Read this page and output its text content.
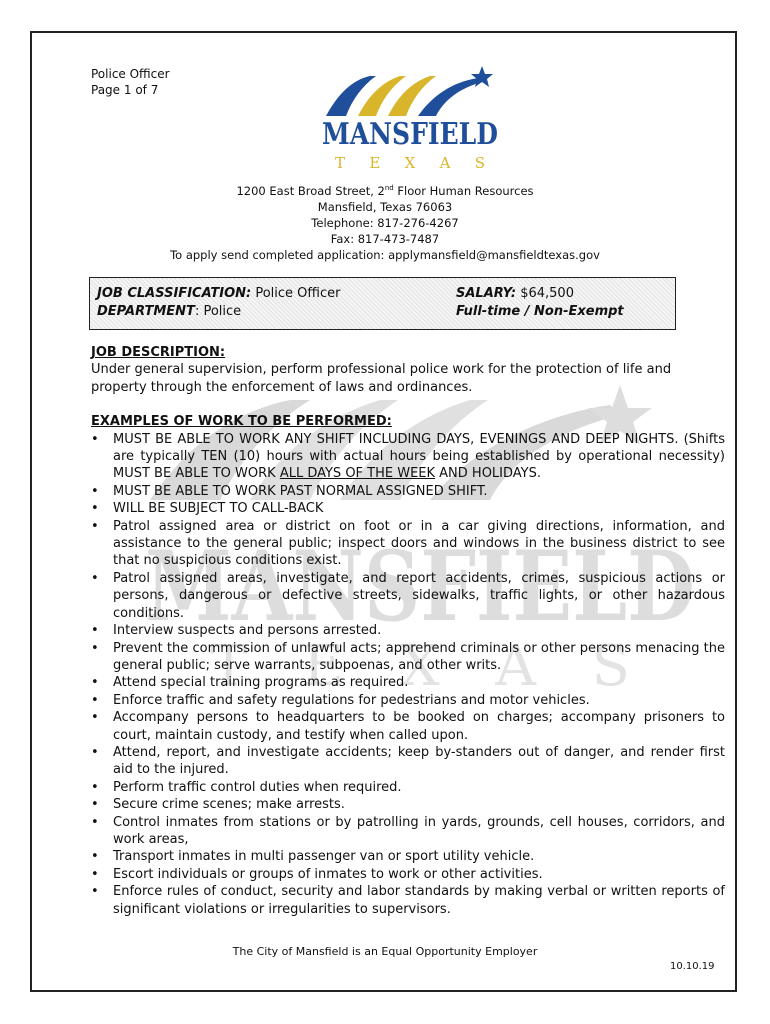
Police Officer
Page 1 of 7
MANSFIELD
T E X A S
1200 East Broad Street, 2nd Floor Human Resources
Mansfield, Texas 76063
Telephone: 817-276-4267
Fax: 817-473-7487
To apply send completed application: applymansfield@mansfieldtexas.gov
JOB CLASSIFICATION: Police Officer
DEPARTMENT: Police
SALARY: $64,500
Full-time / Non-Exempt
MANSFIELD
T E X A S

JOB DESCRIPTION:

Under general supervision, perform professional police work for the protection of life and property through the enforcement of laws and ordinances.

EXAMPLES OF WORK TO BE PERFORMED:

• MUST BE ABLE TO WORK ANY SHIFT INCLUDING DAYS, EVENINGS AND DEEP NIGHTS. (Shifts are typically TEN (10) hours with actual hours being established by operational necessity) MUST BE ABLE TO WORK ALL DAYS OF THE WEEK AND HOLIDAYS.
• MUST BE ABLE TO WORK PAST NORMAL ASSIGNED SHIFT.
• WILL BE SUBJECT TO CALL-BACK
• Patrol assigned area or district on foot or in a car giving directions, information, and assistance to the general public; inspect doors and windows in the business district to see that no suspicious conditions exist.
• Patrol assigned areas, investigate, and report accidents, crimes, suspicious actions or persons, dangerous or defective streets, sidewalks, traffic lights, or other hazardous conditions.
• Interview suspects and persons arrested.
• Prevent the commission of unlawful acts; apprehend criminals or other persons menacing the general public; serve warrants, subpoenas, and other writs.
• Attend special training programs as required.
• Enforce traffic and safety regulations for pedestrians and motor vehicles.
• Accompany persons to headquarters to be booked on charges; accompany prisoners to court, maintain custody, and testify when called upon.
• Attend, report, and investigate accidents; keep by-standers out of danger, and render first aid to the injured.
• Perform traffic control duties when required.
• Secure crime scenes; make arrests.
• Control inmates from stations or by patrolling in yards, grounds, cell houses, corridors, and work areas,
• Transport inmates in multi passenger van or sport utility vehicle.
• Escort individuals or groups of inmates to work or other activities.
• Enforce rules of conduct, security and labor standards by making verbal or written reports of significant violations or irregularities to supervisors.
The City of Mansfield is an Equal Opportunity Employer
10.10.19
